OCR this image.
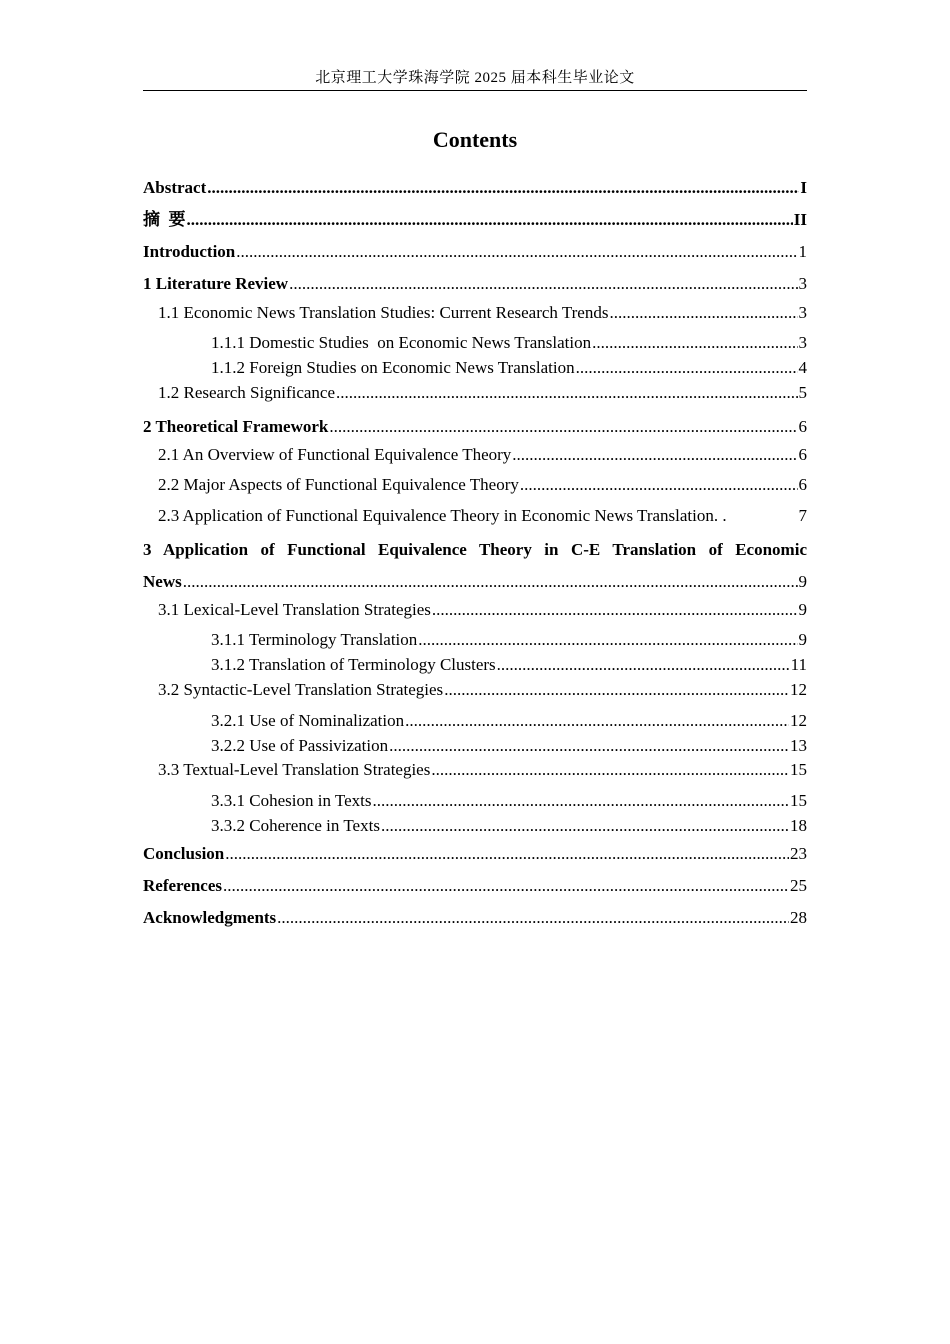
北京理工大学珠海学院 2025 届本科生毕业论文
Contents
Abstract .....	I
摘  要 .....	II
Introduction .....	1
1 Literature Review .....	3
1.1 Economic News Translation Studies: Current Research Trends .....	3
1.1.1 Domestic Studies  on Economic News Translation .....	3
1.1.2 Foreign Studies on Economic News Translation .....	4
1.2 Research Significance .....	5
2 Theoretical Framework .....	6
2.1 An Overview of Functional Equivalence Theory .....	6
2.2 Major Aspects of Functional Equivalence Theory .....	6
2.3 Application of Functional Equivalence Theory in Economic News Translation. .	7
3 Application of Functional Equivalence Theory in C-E Translation of Economic
News .....	9
3.1 Lexical-Level Translation Strategies .....	9
3.1.1 Terminology Translation .....	9
3.1.2 Translation of Terminology Clusters .....	11
3.2 Syntactic-Level Translation Strategies .....	12
3.2.1 Use of Nominalization .....	12
3.2.2 Use of Passivization .....	13
3.3 Textual-Level Translation Strategies .....	15
3.3.1 Cohesion in Texts .....	15
3.3.2 Coherence in Texts .....	18
Conclusion .....	23
References .....	25
Acknowledgments .....	28
